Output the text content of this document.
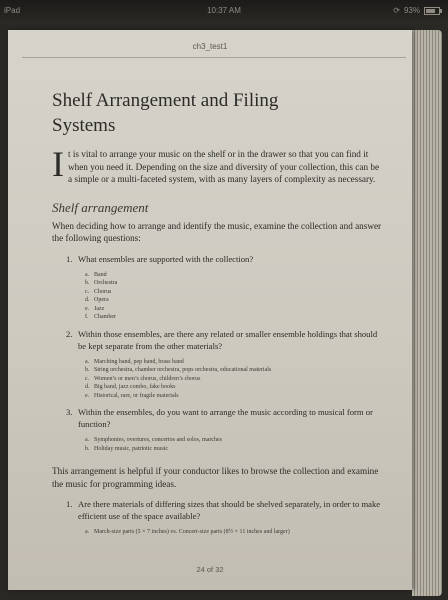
iPad	10:37 AM	⟳ 93%
ch3_test1
Shelf Arrangement and Filing
Systems
I t is vital to arrange your music on the shelf or in the drawer so that you can find it when you need it. Depending on the size and diversity of your collection, this can be a simple or a multi-faceted system, with as many layers of complexity as necessary.
Shelf arrangement
When deciding how to arrange and identify the music, examine the collection and answer the following questions:
1. What ensembles are supported with the collection?
a. Band
b. Orchestra
c. Chorus
d. Opera
e. Jazz
f. Chamber
2. Within those ensembles, are there any related or smaller ensemble holdings that should be kept separate from the other materials?
a. Marching band, pep band, brass band
b. String orchestra, chamber orchestra, pops orchestra, educational materials
c. Women’s or men’s chorus, children’s chorus
d. Big band, jazz combo, fake books
e. Historical, rare, or fragile materials
3. Within the ensembles, do you want to arrange the music according to musical form or function?
a. Symphonies, overtures, concertos and solos, marches
b. Holiday music, patriotic music
This arrangement is helpful if your conductor likes to browse the collection and examine the music for programming ideas.
1. Are there materials of differing sizes that should be shelved separately, in order to make efficient use of the space available?
a. March-size parts (5 × 7 inches) vs. Concert-size parts (8½ × 11 inches and larger)
24 of 32
